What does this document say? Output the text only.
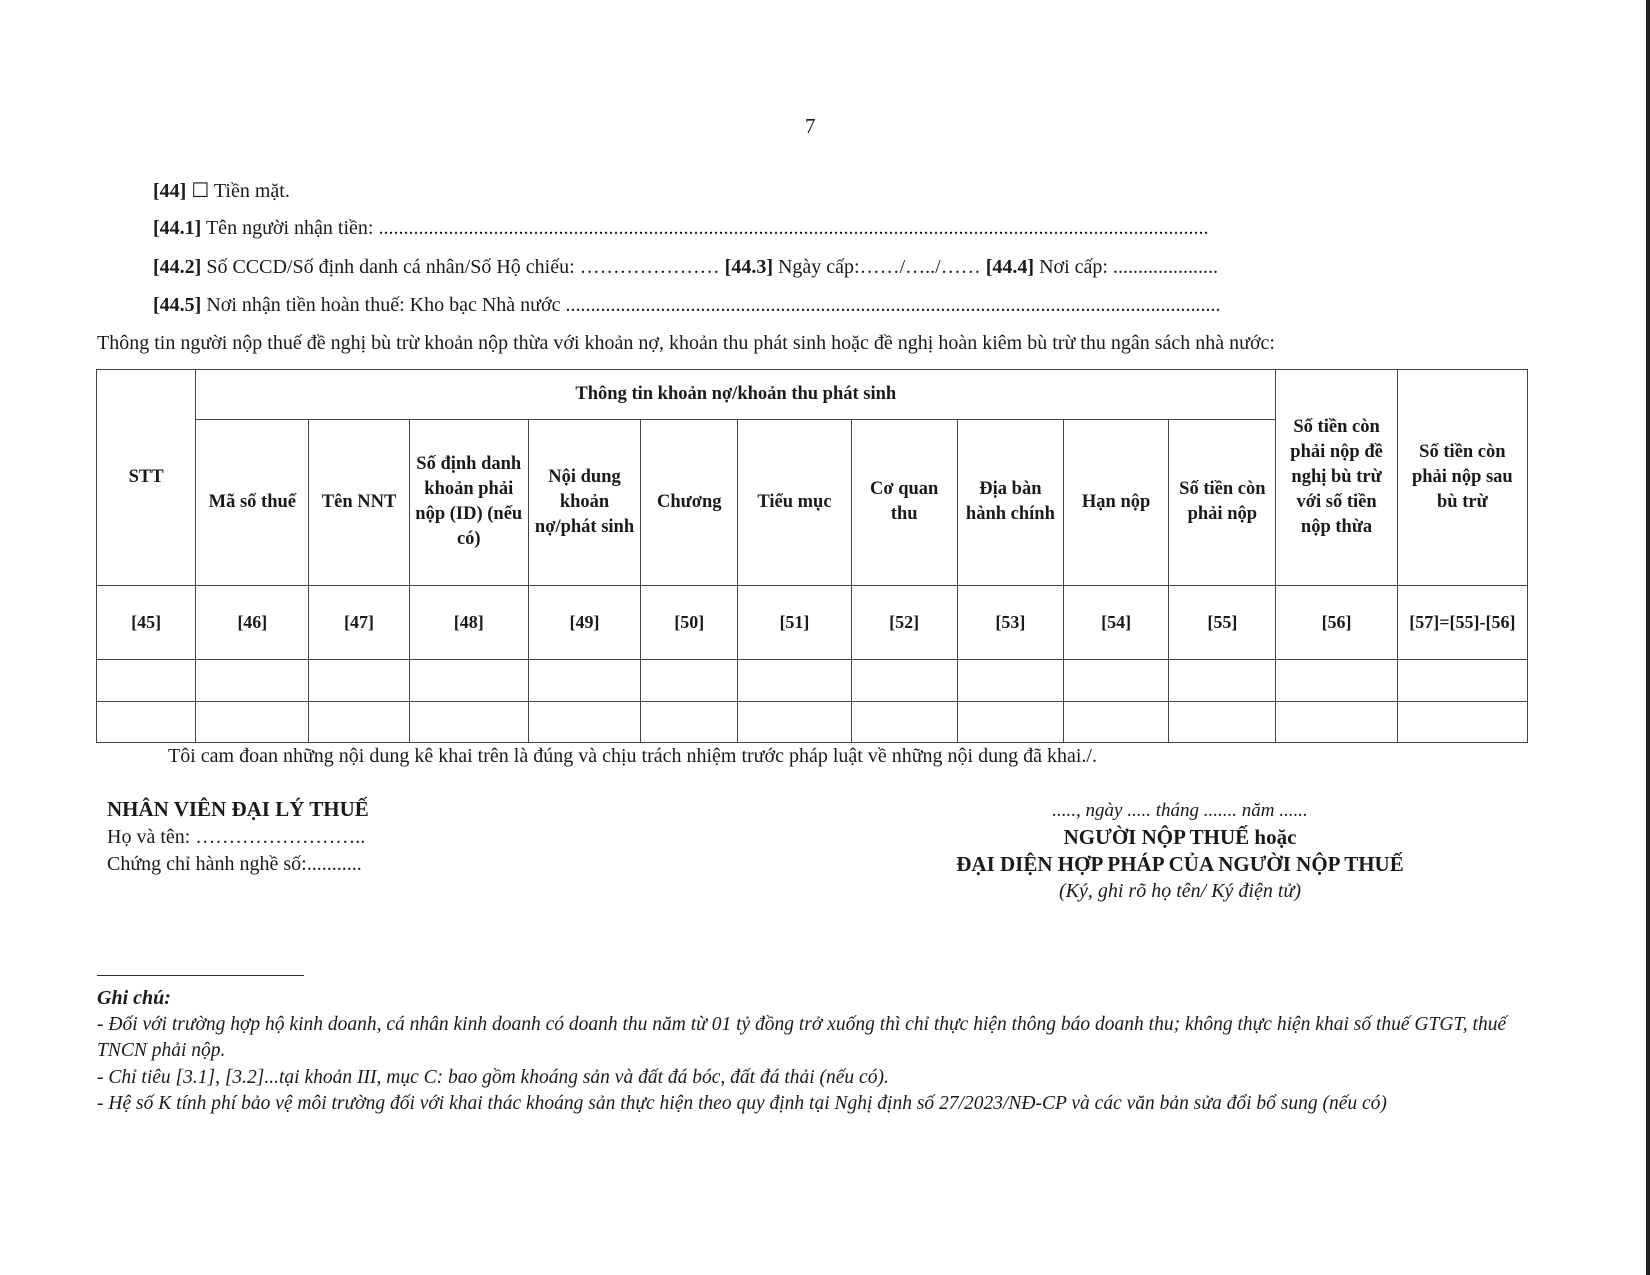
7
[44] ☐ Tiền mặt.
[44.1] Tên người nhận tiền: ......................................................................................................................................................................
[44.2] Số CCCD/Số định danh cá nhân/Số Hộ chiếu: ………………… [44.3] Ngày cấp:……/…../…… [44.4] Nơi cấp: .....................
[44.5] Nơi nhận tiền hoàn thuế: Kho bạc Nhà nước ...................................................................................................................................
Thông tin người nộp thuế đề nghị bù trừ khoản nộp thừa với khoản nợ, khoản thu phát sinh hoặc đề nghị hoàn kiêm bù trừ thu ngân sách nhà nước:
STT	Thông tin khoản nợ/khoản thu phát sinh										Số tiền còn phải nộp đề nghị bù trừ với số tiền nộp thừa	Số tiền còn phải nộp sau bù trừ
	Mã số thuế	Tên NNT	Số định danh khoản phải nộp (ID) (nếu có)	Nội dung khoản nợ/phát sinh	Chương	Tiểu mục	Cơ quan thu	Địa bàn hành chính	Hạn nộp	Số tiền còn phải nộp		
[45]	[46]	[47]	[48]	[49]	[50]	[51]	[52]	[53]	[54]	[55]	[56]	[57]=[55]-[56]

Tôi cam đoan những nội dung kê khai trên là đúng và chịu trách nhiệm trước pháp luật về những nội dung đã khai./.
NHÂN VIÊN ĐẠI LÝ THUẾ
Họ và tên: ……………………..
Chứng chỉ hành nghề số:...........
....., ngày ..... tháng ....... năm ......
NGƯỜI NỘP THUẾ hoặc
ĐẠI DIỆN HỢP PHÁP CỦA NGƯỜI NỘP THUẾ
(Ký, ghi rõ họ tên/ Ký điện tử)

Ghi chú:

- Đối với trường hợp hộ kinh doanh, cá nhân kinh doanh có doanh thu năm từ 01 tỷ đồng trở xuống thì chỉ thực hiện thông báo doanh thu; không thực hiện khai số thuế GTGT, thuế TNCN phải nộp.

- Chỉ tiêu [3.1], [3.2]...tại khoản III, mục C: bao gồm khoáng sản và đất đá bóc, đất đá thải (nếu có).

- Hệ số K tính phí bảo vệ môi trường đối với khai thác khoáng sản thực hiện theo quy định tại Nghị định số 27/2023/NĐ-CP và các văn bản sửa đổi bổ sung (nếu có)
